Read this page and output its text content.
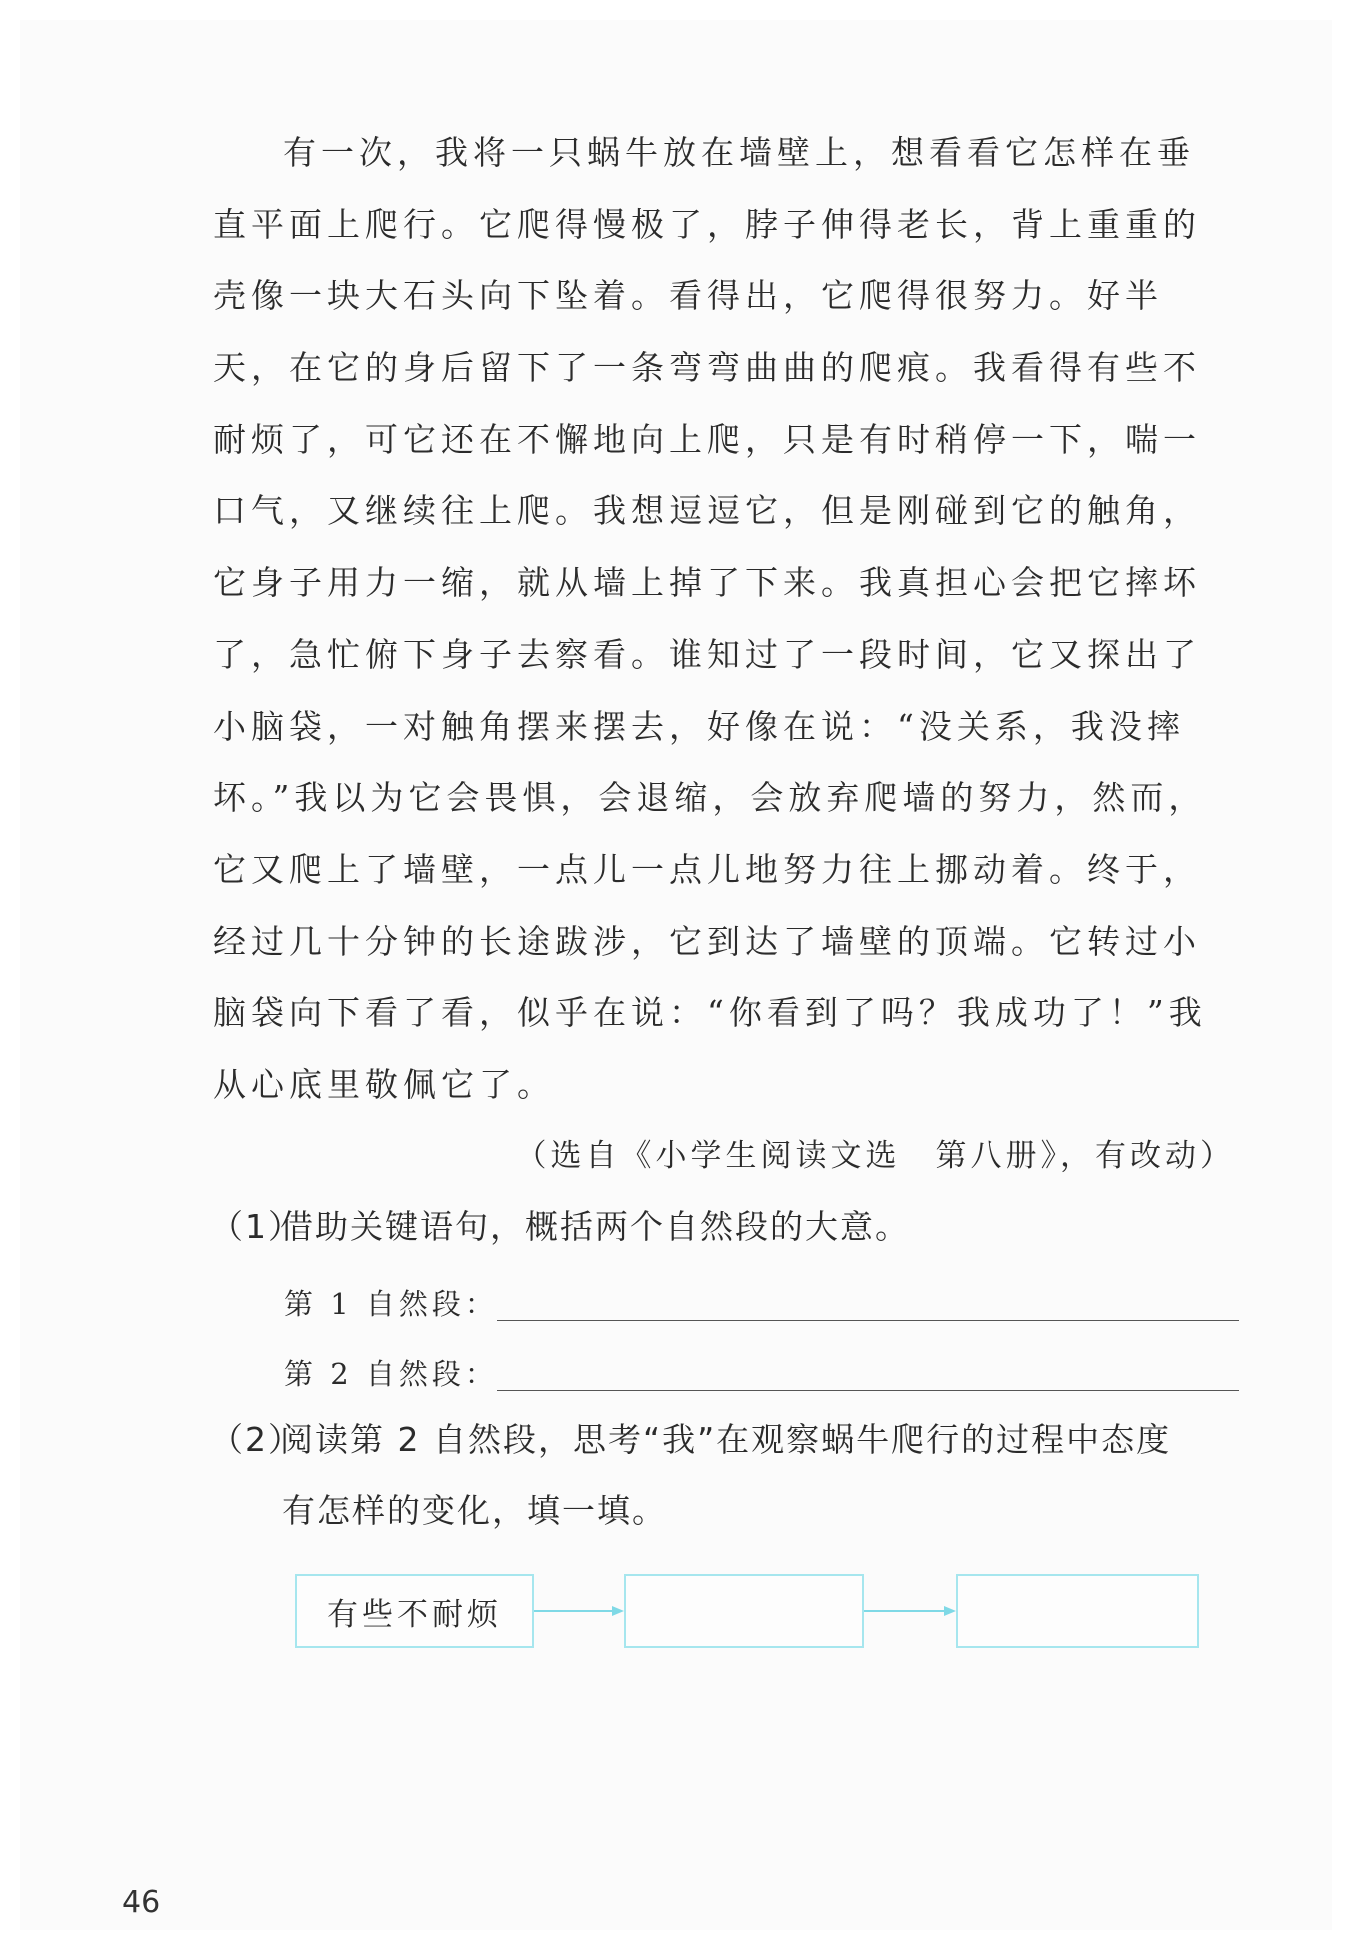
有一次，我将一只蜗牛放在墙壁上，想看看它怎样在垂
直平面上爬行。它爬得慢极了，脖子伸得老长，背上重重的
壳像一块大石头向下坠着。看得出，它爬得很努力。好半
天，在它的身后留下了一条弯弯曲曲的爬痕。我看得有些不
耐烦了，可它还在不懈地向上爬，只是有时稍停一下，喘一
口气，又继续往上爬。我想逗逗它，但是刚碰到它的触角，
它身子用力一缩，就从墙上掉了下来。我真担心会把它摔坏
了，急忙俯下身子去察看。谁知过了一段时间，它又探出了
小脑袋，一对触角摆来摆去，好像在说：“没关系，我没摔
坏。”我以为它会畏惧，会退缩，会放弃爬墙的努力，然而，
它又爬上了墙壁，一点儿一点儿地努力往上挪动着。终于，
经过几十分钟的长途跋涉，它到达了墙壁的顶端。它转过小
脑袋向下看了看，似乎在说：“你看到了吗？我成功了！”我
从心底里敬佩它了。
（选自《小学生阅读文选　第八册》，有改动）
（1）借助关键语句，概括两个自然段的大意。
第 1 自然段：
第 2 自然段：
（2）阅读第 2 自然段，思考“我”在观察蜗牛爬行的过程中态度
有怎样的变化，填一填。
有些不耐烦
46
